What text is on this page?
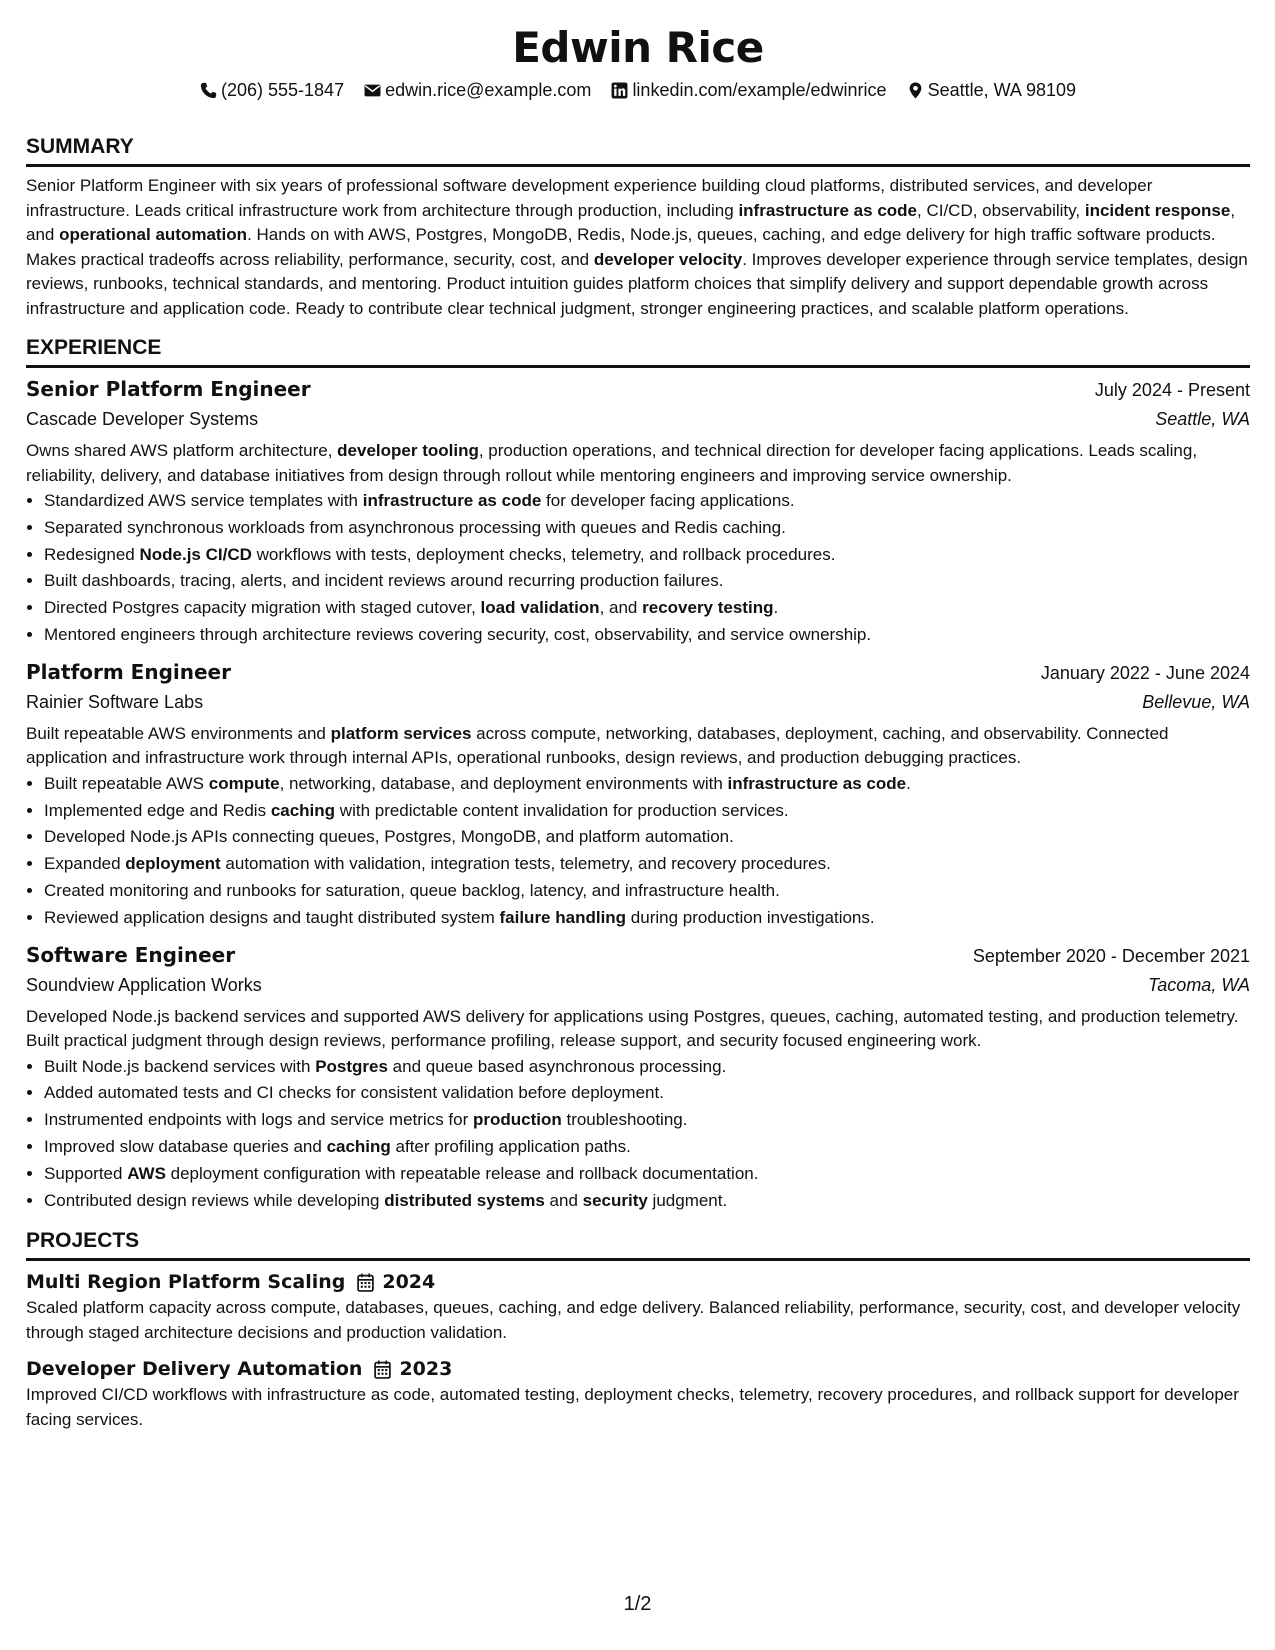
Edwin Rice
(206) 555-1847 edwin.rice@example.com linkedin.com/example/edwinrice Seattle, WA 98109
SUMMARY

Senior Platform Engineer with six years of professional software development experience building cloud platforms, distributed services, and developer infrastructure. Leads critical infrastructure work from architecture through production, including infrastructure as code, CI/CD, observability, incident response, and operational automation. Hands on with AWS, Postgres, MongoDB, Redis, Node.js, queues, caching, and edge delivery for high traffic software products. Makes practical tradeoffs across reliability, performance, security, cost, and developer velocity. Improves developer experience through service templates, design reviews, runbooks, technical standards, and mentoring. Product intuition guides platform choices that simplify delivery and support dependable growth across infrastructure and application code. Ready to contribute clear technical judgment, stronger engineering practices, and scalable platform operations.

EXPERIENCE
Senior Platform Engineer	July 2024 - Present
Cascade Developer Systems	Seattle, WA
Owns shared AWS platform architecture, developer tooling, production operations, and technical direction for developer facing applications. Leads scaling, reliability, delivery, and database initiatives from design through rollout while mentoring engineers and improving service ownership.
• Standardized AWS service templates with infrastructure as code for developer facing applications.
• Separated synchronous workloads from asynchronous processing with queues and Redis caching.
• Redesigned Node.js CI/CD workflows with tests, deployment checks, telemetry, and rollback procedures.
• Built dashboards, tracing, alerts, and incident reviews around recurring production failures.
• Directed Postgres capacity migration with staged cutover, load validation, and recovery testing.
• Mentored engineers through architecture reviews covering security, cost, observability, and service ownership.
Platform Engineer	January 2022 - June 2024
Rainier Software Labs	Bellevue, WA
Built repeatable AWS environments and platform services across compute, networking, databases, deployment, caching, and observability. Connected application and infrastructure work through internal APIs, operational runbooks, design reviews, and production debugging practices.
• Built repeatable AWS compute, networking, database, and deployment environments with infrastructure as code.
• Implemented edge and Redis caching with predictable content invalidation for production services.
• Developed Node.js APIs connecting queues, Postgres, MongoDB, and platform automation.
• Expanded deployment automation with validation, integration tests, telemetry, and recovery procedures.
• Created monitoring and runbooks for saturation, queue backlog, latency, and infrastructure health.
• Reviewed application designs and taught distributed system failure handling during production investigations.
Software Engineer	September 2020 - December 2021
Soundview Application Works	Tacoma, WA
Developed Node.js backend services and supported AWS delivery for applications using Postgres, queues, caching, automated testing, and production telemetry. Built practical judgment through design reviews, performance profiling, release support, and security focused engineering work.
• Built Node.js backend services with Postgres and queue based asynchronous processing.
• Added automated tests and CI checks for consistent validation before deployment.
• Instrumented endpoints with logs and service metrics for production troubleshooting.
• Improved slow database queries and caching after profiling application paths.
• Supported AWS deployment configuration with repeatable release and rollback documentation.
• Contributed design reviews while developing distributed systems and security judgment.
PROJECTS
Multi Region Platform Scaling 2024
Scaled platform capacity across compute, databases, queues, caching, and edge delivery. Balanced reliability, performance, security, cost, and developer velocity through staged architecture decisions and production validation.
Developer Delivery Automation 2023
Improved CI/CD workflows with infrastructure as code, automated testing, deployment checks, telemetry, recovery procedures, and rollback support for developer facing services.
1/2
